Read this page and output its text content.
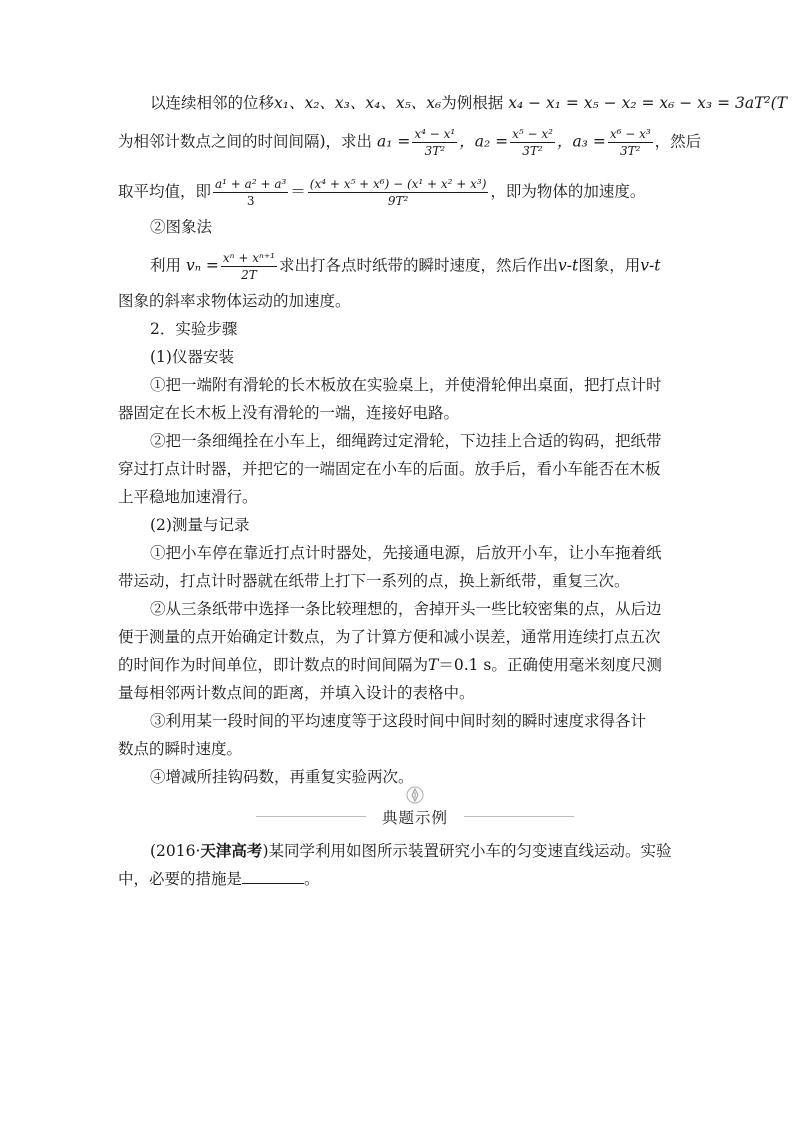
以连续相邻的位移x₁、x₂、x₃、x₄、x₅、x₆为例根据 x₄ − x₁ = x₅ − x₂ = x₆ − x₃ = 3aT²(T
为相邻计数点之间的时间间隔)，求出 $a_1 = \frac{\text{x⁴ − x¹}}{\text{3T²}}$ ，$a_2 = \frac{\text{x⁵ − x²}}{\text{3T²}}$ ，$a_3 = \frac{\text{x⁶ − x³}}{\text{3T²}}$ ，然后
取平均值，即 $\frac{\text{a¹ + a² + a³}}{3} = \frac{\text{(x⁴ + x⁵ + x⁶) − (x¹ + x² + x³)}}{\text{9T²}}$ ，即为物体的加速度。
②图象法
利用 $v_n = \frac{\text{xⁿ + xⁿ⁺¹}}{2T}$ 求出打各点时纸带的瞬时速度，然后作出v-t图象，用v-t
图象的斜率求物体运动的加速度。
2．实验步骤
(1)仪器安装
①把一端附有滑轮的长木板放在实验桌上，并使滑轮伸出桌面，把打点计时
器固定在长木板上没有滑轮的一端，连接好电路。
②把一条细绳拴在小车上，细绳跨过定滑轮，下边挂上合适的钩码，把纸带
穿过打点计时器，并把它的一端固定在小车的后面。放手后，看小车能否在木板
上平稳地加速滑行。
(2)测量与记录
①把小车停在靠近打点计时器处，先接通电源，后放开小车，让小车拖着纸
带运动，打点计时器就在纸带上打下一系列的点，换上新纸带，重复三次。
②从三条纸带中选择一条比较理想的，舍掉开头一些比较密集的点，从后边
便于测量的点开始确定计数点，为了计算方便和减小误差，通常用连续打点五次
的时间作为时间单位，即计数点的时间间隔为T＝0.1 s。正确使用毫米刻度尺测
量每相邻两计数点间的距离，并填入设计的表格中。
③利用某一段时间的平均速度等于这段时间中间时刻的瞬时速度求得各计
数点的瞬时速度。
④增减所挂钩码数，再重复实验两次。
典题示例
(2016·天津高考)某同学利用如图所示装置研究小车的匀变速直线运动。实验
中，必要的措施是	。
